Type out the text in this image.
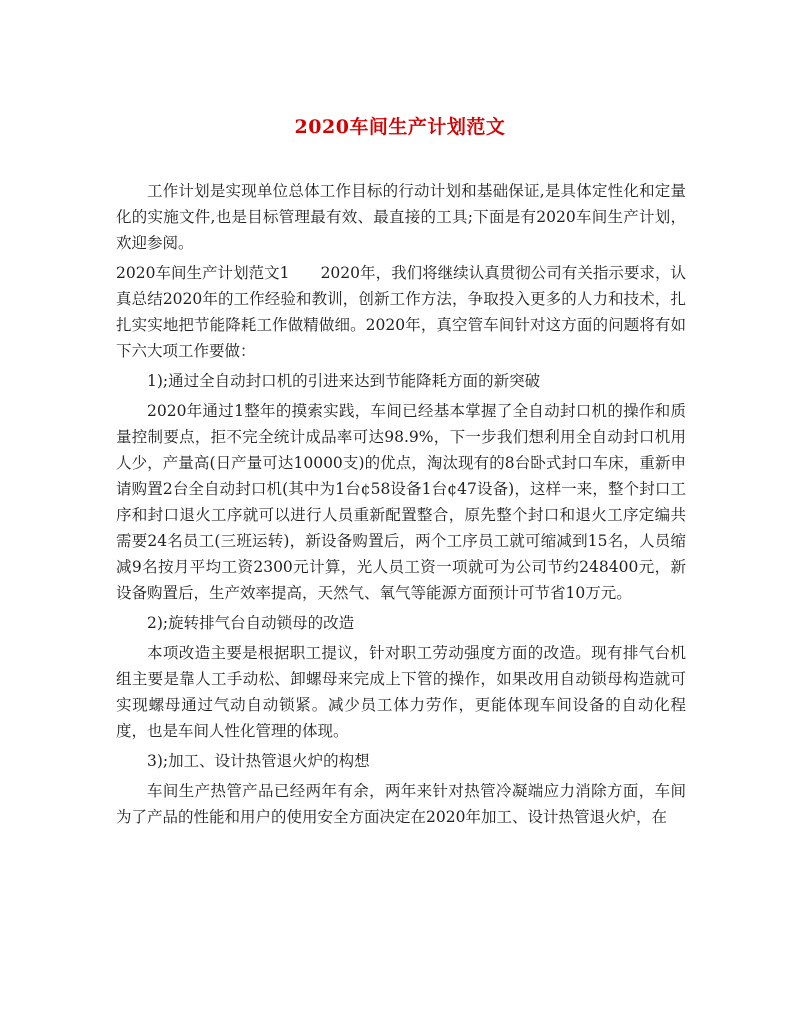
2020车间生产计划范文

工作计划是实现单位总体工作目标的行动计划和基础保证,是具体定性化和定量化的实施文件,也是目标管理最有效、最直接的工具;下面是有2020车间生产计划，欢迎参阅。

2020车间生产计划范文1　　2020年，我们将继续认真贯彻公司有关指示要求，认真总结2020年的工作经验和教训，创新工作方法，争取投入更多的人力和技术，扎扎实实地把节能降耗工作做精做细。2020年，真空管车间针对这方面的问题将有如下六大项工作要做：

1);通过全自动封口机的引进来达到节能降耗方面的新突破

2020年通过1整年的摸索实践，车间已经基本掌握了全自动封口机的操作和质量控制要点，拒不完全统计成品率可达98.9%，下一步我们想利用全自动封口机用人少，产量高(日产量可达10000支)的优点，淘汰现有的8台卧式封口车床，重新申请购置2台全自动封口机(其中为1台¢58设备1台¢47设备)，这样一来，整个封口工序和封口退火工序就可以进行人员重新配置整合，原先整个封口和退火工序定编共需要24名员工(三班运转)，新设备购置后，两个工序员工就可缩减到15名，人员缩减9名按月平均工资2300元计算，光人员工资一项就可为公司节约248400元，新设备购置后，生产效率提高，天然气、氧气等能源方面预计可节省10万元。

2);旋转排气台自动锁母的改造

本项改造主要是根据职工提议，针对职工劳动强度方面的改造。现有排气台机组主要是靠人工手动松、卸螺母来完成上下管的操作，如果改用自动锁母构造就可实现螺母通过气动自动锁紧。减少员工体力劳作，更能体现车间设备的自动化程度，也是车间人性化管理的体现。

3);加工、设计热管退火炉的构想

车间生产热管产品已经两年有余，两年来针对热管冷凝端应力消除方面，车间为了产品的性能和用户的使用安全方面决定在2020年加工、设计热管退火炉，在
